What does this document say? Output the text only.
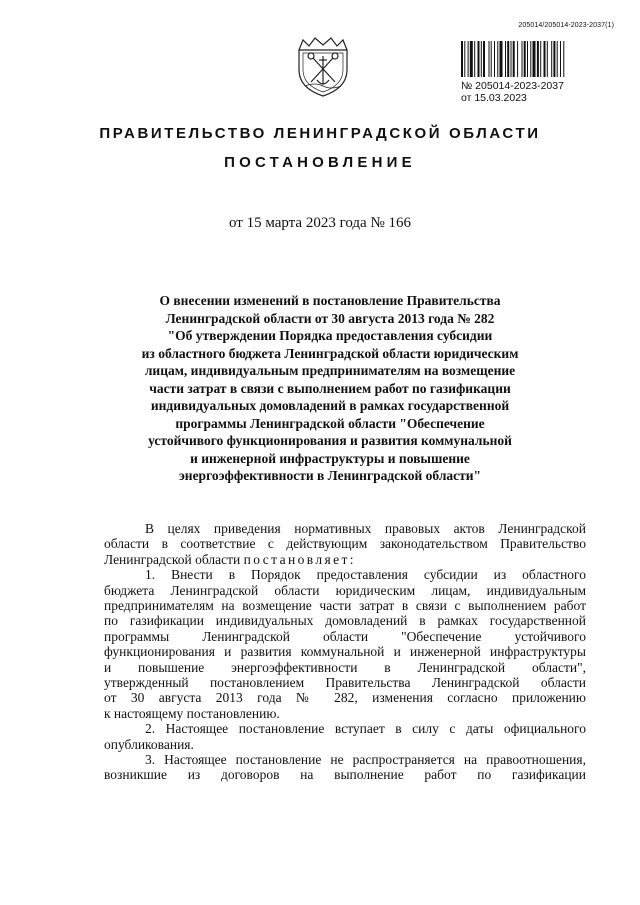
205014/205014-2023-2037(1)
№ 205014-2023-2037
от 15.03.2023
ПРАВИТЕЛЬСТВО ЛЕНИНГРАДСКОЙ ОБЛАСТИ
ПОСТАНОВЛЕНИЕ
от 15 марта 2023 года № 166
О внесении изменений в постановление Правительства
Ленинградской области от 30 августа 2013 года № 282
"Об утверждении Порядка предоставления субсидии
из областного бюджета Ленинградской области юридическим
лицам, индивидуальным предпринимателям на возмещение
части затрат в связи с выполнением работ по газификации
индивидуальных домовладений в рамках государственной
программы Ленинградской области "Обеспечение
устойчивого функционирования и развития коммунальной
и инженерной инфраструктуры и повышение
энергоэффективности в Ленинградской области"

В целях приведения нормативных правовых актов Ленинградской
области в соответствие с действующим законодательством Правительство
Ленинградской области постановляет:

1. Внести в Порядок предоставления субсидии из областного
бюджета Ленинградской области юридическим лицам, индивидуальным
предпринимателям на возмещение части затрат в связи с выполнением работ
по газификации индивидуальных домовладений в рамках государственной
программы Ленинградской области "Обеспечение устойчивого
функционирования и развития коммунальной и инженерной инфраструктуры
и повышение энергоэффективности в Ленинградской области",
утвержденный постановлением Правительства Ленинградской области
от 30 августа 2013 года № 282, изменения согласно приложению
к настоящему постановлению.

2. Настоящее постановление вступает в силу с даты официального
опубликования.

3. Настоящее постановление не распространяется на правоотношения,
возникшие из договоров на выполнение работ по газификации
